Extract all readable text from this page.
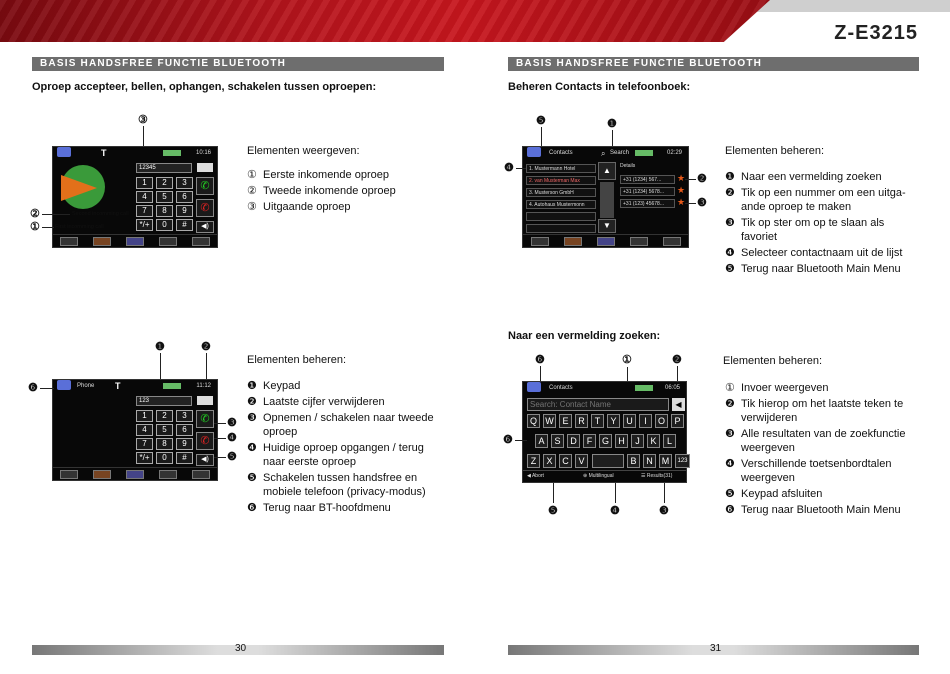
Z-E3215
BASIS HANDSFREE FUNCTIE BLUETOOTH
Oproep accepteer, bellen, ophangen, schakelen tussen oproepen:
③
T	10:16
12345
1	2	3
4	5	6
7	8	9
*/+	0	#
✆
✆
◀)
②	Second incomming call
①	First incomming call
Elementen weergeven:
① Eerste inkomende oproep
② Tweede inkomende oproep
③ Uitgaande oproep
❶	❷
Phone T	11:12
123
1	2	3
4	5	6
7	8	9
*/+	0	#
✆
✆
◀)
❻
❸
❹
❺
Elementen beheren:
❶ Keypad
❷ Laatste cijfer verwijderen
❸ Opnemen / schakelen naar tweede oproep
❹ Huidige oproep opgangen / terug naar eerste oproep
❺ Schakelen tussen handsfree en mobiele telefoon (privacy-modus)
❻ Terug naar BT-hoofdmenu
BASIS HANDSFREE FUNCTIE BLUETOOTH
Beheren Contacts in telefoonboek:
❺	❶
Contacts	⌕ Search	02:29
1. Mustermann Hotel
2. van Musterman Max
3. Musterson GmbH
4. Autohaus Mustermonn
▲
▼
Details
+31 (1234) 567...	★
+31 (1234) 5678...	★
+31 (123) 45678...	★
❹
❷
❸
Elementen beheren:
❶ Naar een vermelding zoeken
❷ Tik op een nummer om een uitga-ande oproep te maken
❸ Tik op ster om op te slaan als favoriet
❹ Selecteer contactnaam uit de lijst
❺ Terug naar Bluetooth Main Menu
Naar een vermelding zoeken:
❻	①	❷
Contacts	06:05
Search: Contact Name
◀
Q W E	R	T	Y	U	I	O	P
A	S	D	F	G	H	J	K	L
Z	X	C	V	B	N	M	123
◀ Abort	⊕ Multilingual	☰ Results(31)
❻
❺	❹	❸
Elementen beheren:
① Invoer weergeven
❷ Tik hierop om het laatste teken te verwijderen
❸ Alle resultaten van de zoekfunctie weergeven
❹ Verschillende toetsenbordtalen weergeven
❺ Keypad afsluiten
❻ Terug naar Bluetooth Main Menu
30	31
